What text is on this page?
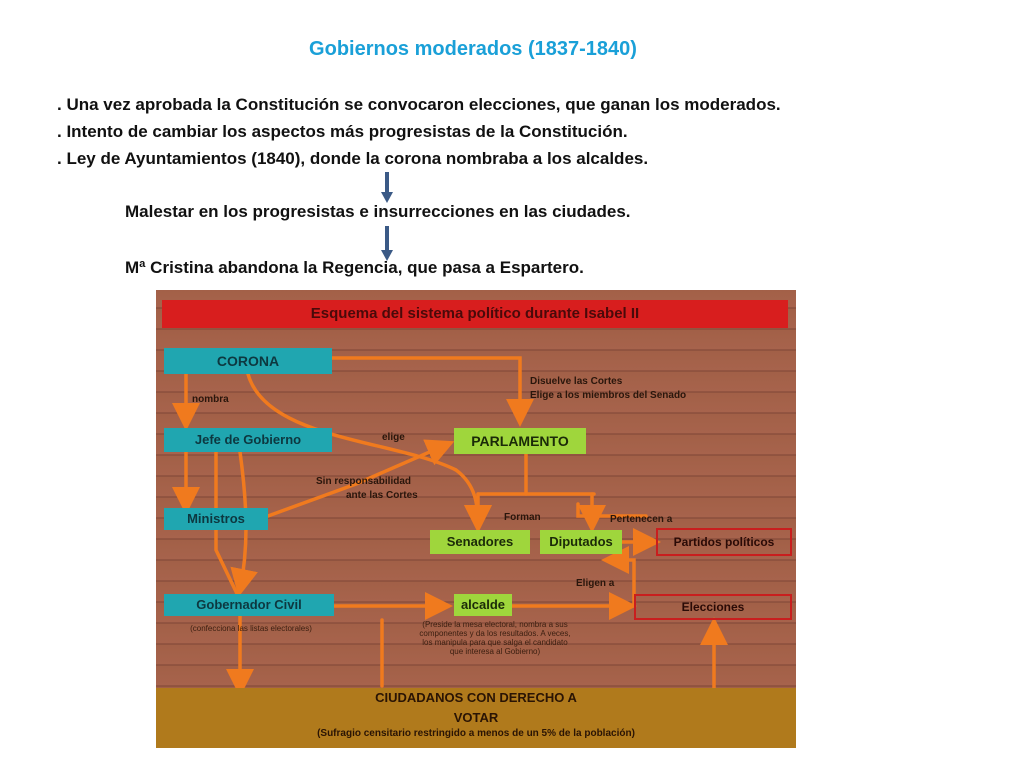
Gobiernos moderados (1837-1840)
. Una vez aprobada la Constitución se convocaron elecciones, que ganan los moderados.
. Intento de cambiar los aspectos más progresistas de la Constitución.
. Ley de Ayuntamientos (1840), donde la corona nombraba a los alcaldes.
Malestar en los progresistas e insurrecciones en las ciudades.
Mª Cristina abandona la Regencia, que pasa a Espartero.
Esquema del sistema político durante Isabel II
CORONA
Jefe de Gobierno
Ministros
Gobernador Civil
PARLAMENTO
Senadores	Diputados
alcalde
Partidos políticos
Elecciones
nombra
elige
Disuelve las Cortes
Elige a los miembros del Senado
Sin responsabilidad
ante las Cortes
Forman	Pertenecen a
Eligen a
(confecciona las listas electorales)	(Preside la mesa electoral, nombra a sus
componentes y da los resultados. A veces,
los manipula para que salga el candidato
que interesa al Gobierno)
CIUDADANOS CON DERECHO A
VOTAR
(Sufragio censitario restringido a menos de un 5% de la población)
